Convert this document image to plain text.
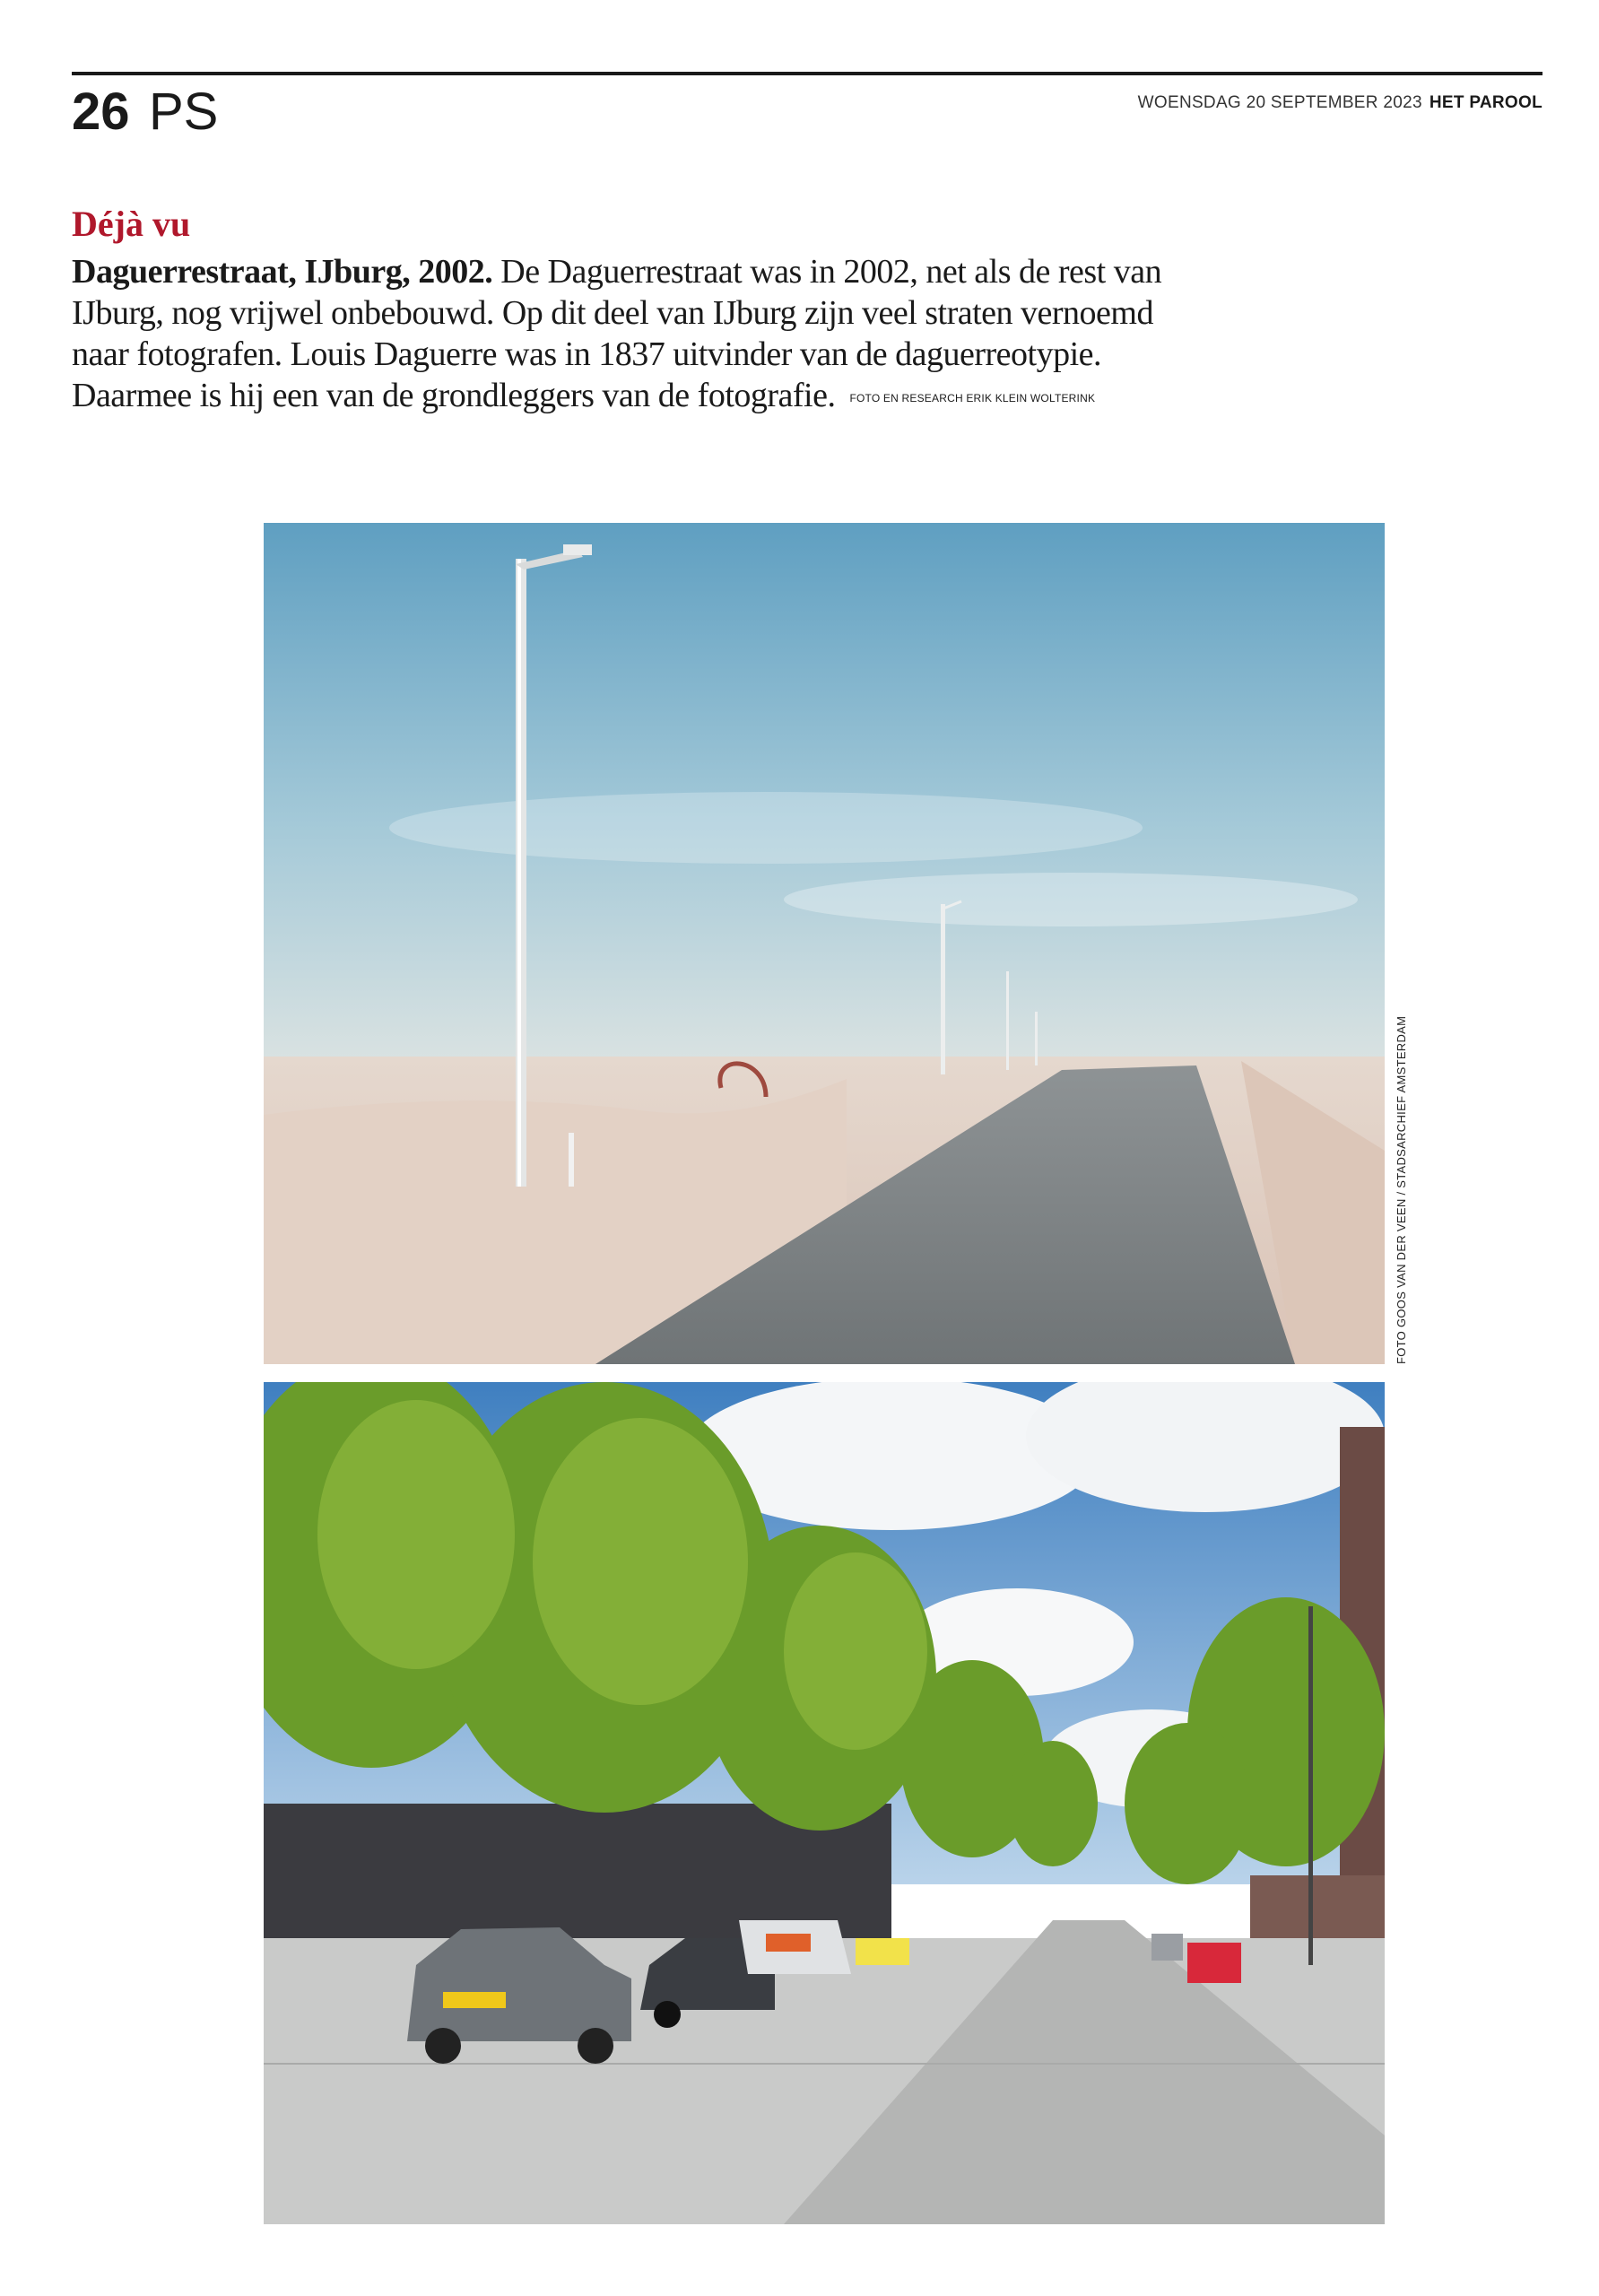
26 PS	WOENSDAG 20 SEPTEMBER 2023 HET PAROOL
Déjà vu
Daguerrestraat, IJburg, 2002. De Daguerrestraat was in 2002, net als de rest van IJburg, nog vrijwel onbebouwd. Op dit deel van IJburg zijn veel straten vernoemd naar fotografen. Louis Daguerre was in 1837 uitvinder van de daguerreotypie. Daarmee is hij een van de grondleggers van de fotografie. FOTO EN RESEARCH ERIK KLEIN WOLTERINK
FOTO GOOS VAN DER VEEN / STADSARCHIEF AMSTERDAM
